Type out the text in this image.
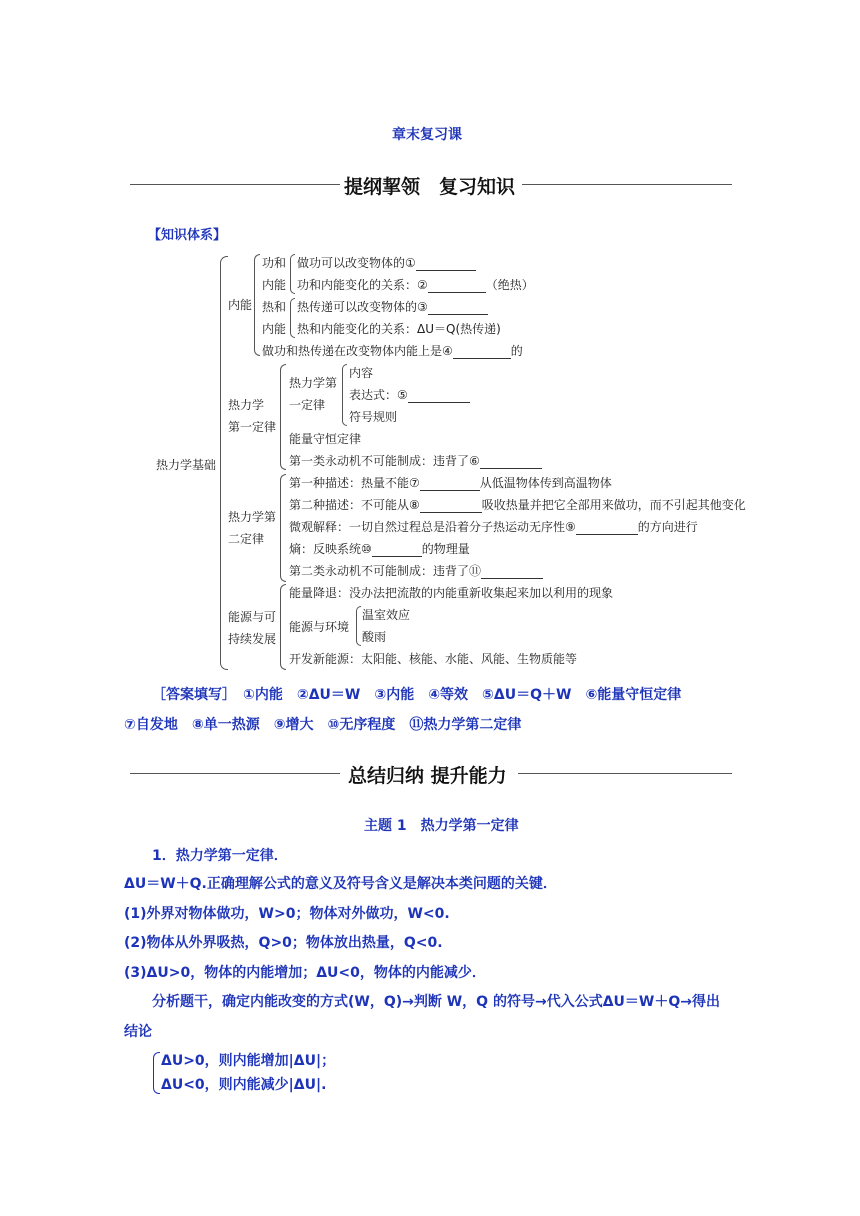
章末复习课
提纲挈领　复习知识
【知识体系】
热力学基础
内能
功和
内能
做功可以改变物体的①
功和内能变化的关系：②	（绝热）
热和
内能
热传递可以改变物体的③
热和内能变化的关系：ΔU＝Q(热传递)
做功和热传递在改变物体内能上是④	的
热力学
第一定律
热力学第
一定律
内容
表达式：⑤
符号规则
能量守恒定律
第一类永动机不可能制成：违背了⑥
热力学第
二定律
第一种描述：热量不能⑦	从低温物体传到高温物体
第二种描述：不可能从⑧	吸收热量并把它全部用来做功，而不引起其他变化
微观解释：一切自然过程总是沿着分子热运动无序性⑨	的方向进行
熵：反映系统⑩	的物理量
第二类永动机不可能制成：违背了⑪
能源与可
持续发展
能量降退：没办法把流散的内能重新收集起来加以利用的现象
能源与环境
温室效应
酸雨
开发新能源：太阳能、核能、水能、风能、生物质能等
［答案填写］　①内能　②ΔU＝W　③内能　④等效　⑤ΔU＝Q＋W　⑥能量守恒定律
⑦自发地　⑧单一热源　⑨增大　⑩无序程度　⑪热力学第二定律
总结归纳 提升能力
主题 1　热力学第一定律
1．热力学第一定律．
ΔU＝W＋Q.正确理解公式的意义及符号含义是解决本类问题的关键．
(1)外界对物体做功，W>0；物体对外做功，W<0.
(2)物体从外界吸热，Q>0；物体放出热量，Q<0.
(3)ΔU>0，物体的内能增加；ΔU<0，物体的内能减少．
分析题干，确定内能改变的方式(W，Q)→判断 W，Q 的符号→代入公式ΔU＝W＋Q→得出
结论
ΔU>0，则内能增加|ΔU|；
ΔU<0，则内能减少|ΔU|.
